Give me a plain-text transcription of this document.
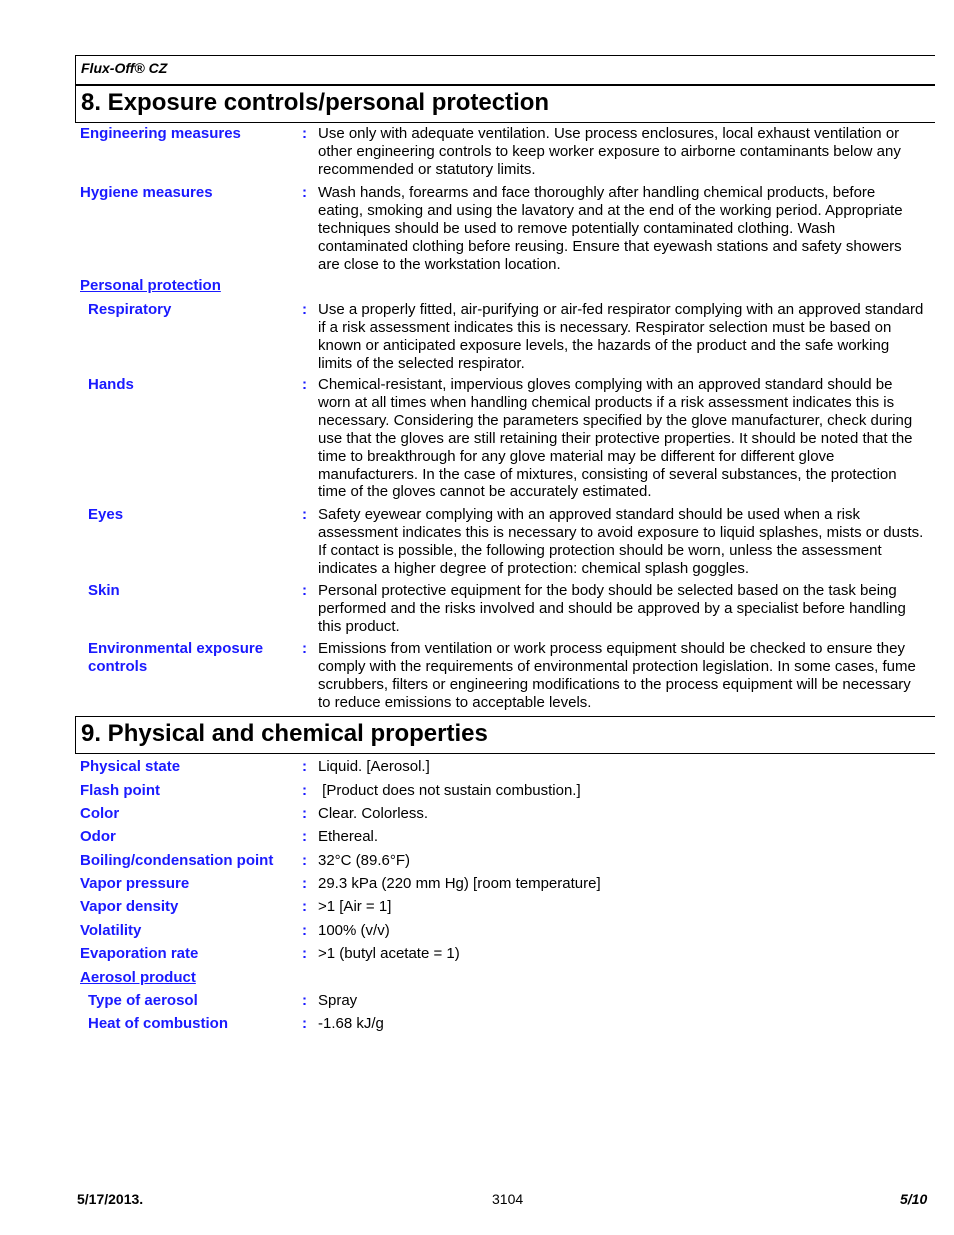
Flux-Off® CZ
8. Exposure controls/personal protection
Engineering measures	: Use only with adequate ventilation. Use process enclosures, local exhaust ventilation or other engineering controls to keep worker exposure to airborne contaminants below any recommended or statutory limits.
Hygiene measures	: Wash hands, forearms and face thoroughly after handling chemical products, before eating, smoking and using the lavatory and at the end of the working period. Appropriate techniques should be used to remove potentially contaminated clothing. Wash contaminated clothing before reusing. Ensure that eyewash stations and safety showers are close to the workstation location.
Personal protection
Respiratory	: Use a properly fitted, air-purifying or air-fed respirator complying with an approved standard if a risk assessment indicates this is necessary. Respirator selection must be based on known or anticipated exposure levels, the hazards of the product and the safe working limits of the selected respirator.
Hands	: Chemical-resistant, impervious gloves complying with an approved standard should be worn at all times when handling chemical products if a risk assessment indicates this is necessary. Considering the parameters specified by the glove manufacturer, check during use that the gloves are still retaining their protective properties. It should be noted that the time to breakthrough for any glove material may be different for different glove manufacturers. In the case of mixtures, consisting of several substances, the protection time of the gloves cannot be accurately estimated.
Eyes	: Safety eyewear complying with an approved standard should be used when a risk assessment indicates this is necessary to avoid exposure to liquid splashes, mists or dusts. If contact is possible, the following protection should be worn, unless the assessment indicates a higher degree of protection: chemical splash goggles.
Skin	: Personal protective equipment for the body should be selected based on the task being performed and the risks involved and should be approved by a specialist before handling this product.
Environmental exposure controls
: Emissions from ventilation or work process equipment should be checked to ensure they comply with the requirements of environmental protection legislation. In some cases, fume scrubbers, filters or engineering modifications to the process equipment will be necessary to reduce emissions to acceptable levels.
9. Physical and chemical properties
Physical state	: Liquid. [Aerosol.]
Flash point	: [Product does not sustain combustion.]
Color	: Clear. Colorless.
Odor	: Ethereal.
Boiling/condensation point	: 32°C (89.6°F)
Vapor pressure	: 29.3 kPa (220 mm Hg) [room temperature]
Vapor density	: >1 [Air = 1]
Volatility	: 100% (v/v)
Evaporation rate	: >1 (butyl acetate = 1)
Aerosol product
Type of aerosol	: Spray
Heat of combustion	: -1.68 kJ/g
5/17/2013.	3104	5/10
